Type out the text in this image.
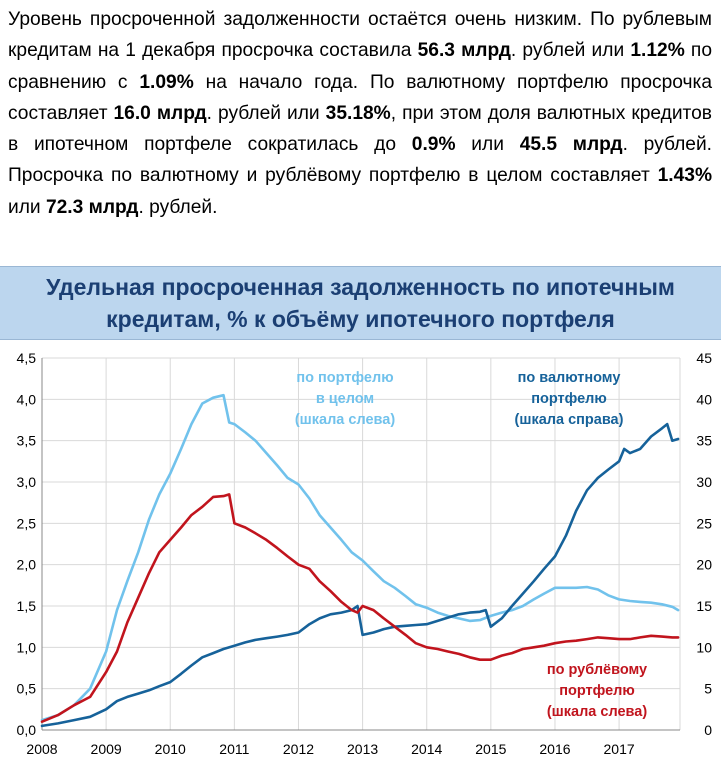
Уровень просроченной задолженности остаётся очень низким. По рублевым кредитам на 1 декабря просрочка составила 56.3 млрд. рублей или 1.12% по сравнению с 1.09% на начало года. По валютному портфелю просрочка составляет 16.0 млрд. рублей или 35.18%, при этом доля валютных кредитов в ипотечном портфеле сократилась до 0.9% или 45.5 млрд. рублей. Просрочка по валютному и рублёвому портфелю в целом составляет 1.43% или 72.3 млрд. рублей.
Удельная просроченная задолженность по ипотечным кредитам, % к объёму ипотечного портфеля
0,0
0,5
1,0
1,5
2,0
2,5
3,0
3,5
4,0
4,5
0
5
10
15
20
25
30
35
40
45
2008 2009 2010 2011 2012 2013 2014 2015 2016 2017
по портфелю в целом (шкала слева)
по валютному портфелю (шкала справа)
по рублёвому портфелю (шкала слева)
